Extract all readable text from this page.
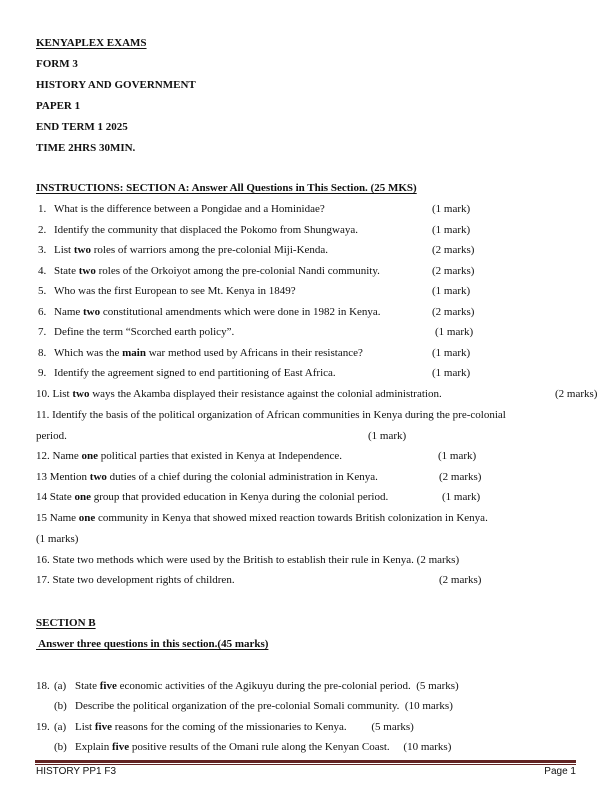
KENYAPLEX EXAMS
FORM 3
HISTORY AND GOVERNMENT
PAPER 1
END TERM 1 2025
TIME 2HRS 30MIN.
INSTRUCTIONS: SECTION A: Answer All Questions in This Section. (25 MKS)
1. What is the difference between a Pongidae and a Hominidae?	(1 mark)
2. Identify the community that displaced the Pokomo from Shungwaya.	(1 mark)
3. List two roles of warriors among the pre-colonial Miji-Kenda.	(2 marks)
4. State two roles of the Orkoiyot among the pre-colonial Nandi community.	(2 marks)
5. Who was the first European to see Mt. Kenya in 1849?	(1 mark)
6. Name two constitutional amendments which were done in 1982 in Kenya.	(2 marks)
7. Define the term “Scorched earth policy”.	(1 mark)
8. Which was the main war method used by Africans in their resistance?	(1 mark)
9. Identify the agreement signed to end partitioning of East Africa.	(1 mark)
10. List two ways the Akamba displayed their resistance against the colonial administration.	(2 marks)
11. Identify the basis of the political organization of African communities in Kenya during the pre-colonial
period.	(1 mark)
12. Name one political parties that existed in Kenya at Independence.	(1 mark)
13 Mention two duties of a chief during the colonial administration in Kenya.	(2 marks)
14 State one group that provided education in Kenya during the colonial period.	(1 mark)
15 Name one community in Kenya that showed mixed reaction towards British colonization in Kenya.
(1 marks)
16. State two methods which were used by the British to establish their rule in Kenya. (2 marks)
17. State two development rights of children.	(2 marks)
SECTION B
Answer three questions in this section.(45 marks)
18. (a) State five economic activities of the Agikuyu during the pre-colonial period. (5 marks)
(b) Describe the political organization of the pre-colonial Somali community. (10 marks)
19. (a) List five reasons for the coming of the missionaries to Kenya.   (5 marks)
(b) Explain five positive results of the Omani rule along the Kenyan Coast.  (10 marks)
HISTORY PP1 F3	Page 1
